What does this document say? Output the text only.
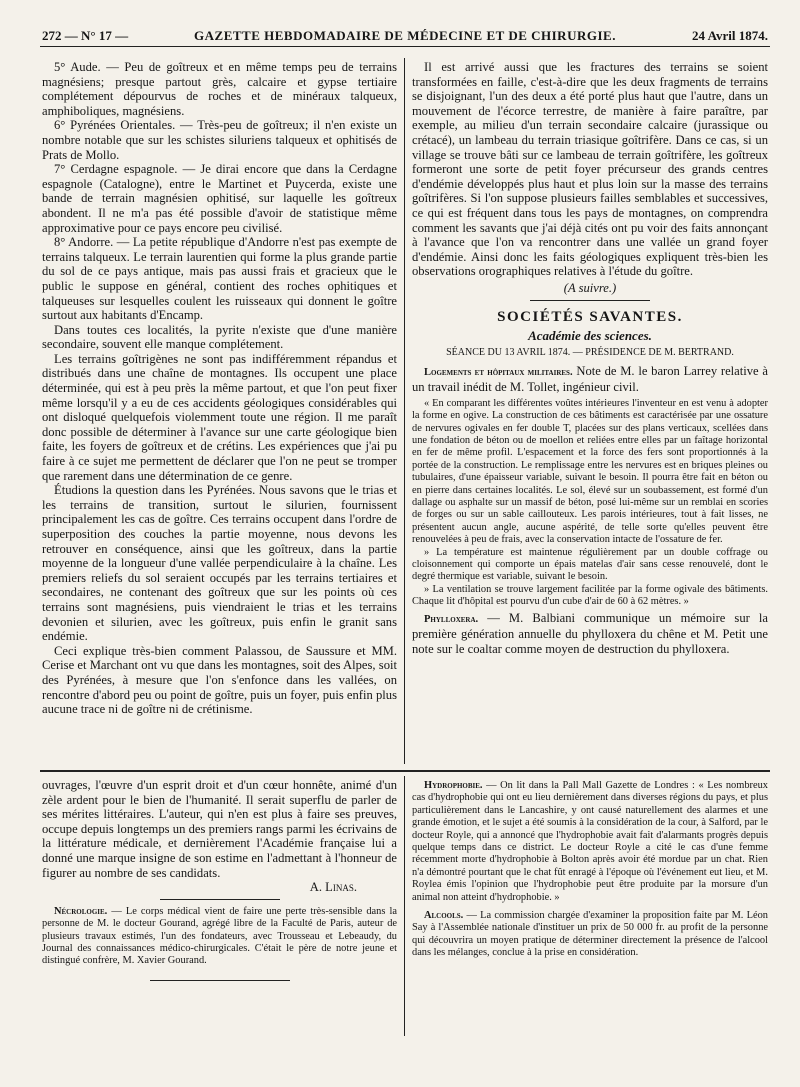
272 — N° 17 —	GAZETTE HEBDOMADAIRE DE MÉDECINE ET DE CHIRURGIE.	24 Avril 1874.

5° Aude. — Peu de goîtreux et en même temps peu de terrains magnésiens; presque partout grès, calcaire et gypse tertiaire complétement dépourvus de roches et de minéraux talqueux, amphiboliques, magnésiens.

6° Pyrénées Orientales. — Très-peu de goîtreux; il n'en existe un nombre notable que sur les schistes siluriens talqueux et ophitisés de Prats de Mollo.

7° Cerdagne espagnole. — Je dirai encore que dans la Cerdagne espagnole (Catalogne), entre le Martinet et Puycerda, existe une bande de terrain magnésien ophitisé, sur laquelle les goîtreux abondent. Il ne m'a pas été possible d'avoir de statistique même approximative pour ce pays encore peu civilisé.

8° Andorre. — La petite république d'Andorre n'est pas exempte de terrains talqueux. Le terrain laurentien qui forme la plus grande partie du sol de ce pays antique, mais pas aussi frais et gracieux que le public le suppose en général, contient des roches ophitiques et talqueuses sur lesquelles coulent les ruisseaux qui donnent le goître surtout aux habitants d'Encamp.

Dans toutes ces localités, la pyrite n'existe que d'une manière secondaire, souvent elle manque complétement.

Les terrains goîtrigènes ne sont pas indifféremment répandus et distribués dans une chaîne de montagnes. Ils occupent une place déterminée, qui est à peu près la même partout, et que l'on peut fixer même lorsqu'il y a eu de ces accidents géologiques considérables qui ont disloqué quelquefois violemment toute une région. Il me paraît donc possible de déterminer à l'avance sur une carte géologique bien faite, les foyers de goîtreux et de crétins. Les expériences que j'ai pu faire à ce sujet me permettent de déclarer que l'on ne peut se tromper que rarement dans une détermination de ce genre.

Étudions la question dans les Pyrénées. Nous savons que le trias et les terrains de transition, surtout le silurien, fournissent principalement les cas de goître. Ces terrains occupent dans l'ordre de superposition des couches la partie moyenne, nous devons les retrouver en conséquence, ainsi que les goîtreux, dans la partie moyenne de la longueur d'une vallée perpendiculaire à la chaîne. Les premiers reliefs du sol seraient occupés par les terrains tertiaires et secondaires, ne contenant des goîtreux que sur les points où ces terrains sont magnésiens, puis viendraient le trias et les terrains devonien et silurien, avec les goîtreux, puis enfin le granit sans endémie.

Ceci explique très-bien comment Palassou, de Saussure et MM. Cerise et Marchant ont vu que dans les montagnes, soit des Alpes, soit des Pyrénées, à mesure que l'on s'enfonce dans les vallées, on rencontre d'abord peu ou point de goître, puis un foyer, puis enfin plus aucune trace ni de goître ni de crétinisme.

Il est arrivé aussi que les fractures des terrains se soient transformées en faille, c'est-à-dire que les deux fragments de terrains se disjoignant, l'un des deux a été porté plus haut que l'autre, dans un mouvement de l'écorce terrestre, de manière à faire paraître, par exemple, au milieu d'un terrain secondaire calcaire (jurassique ou crétacé), un lambeau du terrain triasique goîtrifère. Dans ce cas, si un village se trouve bâti sur ce lambeau de terrain goîtrifère, les goîtreux formeront une sorte de petit foyer précurseur des grands centres d'endémie développés plus haut et plus loin sur la masse des terrains goîtrifères. Si l'on suppose plusieurs failles semblables et successives, ce qui est fréquent dans tous les pays de montagnes, on comprendra comment les savants que j'ai déjà cités ont pu voir des faits annonçant à l'avance que l'on va rencontrer dans une vallée un grand foyer d'endémie. Ainsi donc les faits géologiques expliquent très-bien les observations orographiques relatives à l'étude du goître.

(A suivre.)

SOCIÉTÉS SAVANTES.

Académie des sciences.

SÉANCE DU 13 AVRIL 1874. — PRÉSIDENCE DE M. BERTRAND.

Logements et hôpitaux militaires. Note de M. le baron Larrey relative à un travail inédit de M. Tollet, ingénieur civil.

« En comparant les différentes voûtes intérieures l'inventeur en est venu à adopter la forme en ogive. La construction de ces bâtiments est caractérisée par une ossature de nervures ogivales en fer double T, placées sur des plans verticaux, scellées dans une fondation de béton ou de moellon et reliées entre elles par un faîtage horizontal en fer de même profil. L'espacement et la force des fers sont proportionnés à la portée de la construction. Le remplissage entre les nervures est en briques pleines ou tubulaires, d'une épaisseur variable, suivant le besoin. Il pourra être fait en béton ou en pierre dans certaines localités. Le sol, élevé sur un soubassement, est formé d'un dallage ou asphalte sur un massif de béton, posé lui-même sur un remblai en scories de forges ou sur un sable caillouteux. Les parois intérieures, tout à fait lisses, ne présentent aucun angle, aucune aspérité, de telle sorte qu'elles peuvent être renouvelées à peu de frais, avec la conservation intacte de l'ossature de fer.

» La température est maintenue régulièrement par un double coffrage ou cloisonnement qui comporte un épais matelas d'air sans cesse renouvelé, dont le degré thermique est variable, suivant le besoin.

» La ventilation se trouve largement facilitée par la forme ogivale des bâtiments. Chaque lit d'hôpital est pourvu d'un cube d'air de 60 à 62 mètres. »

Phylloxera. — M. Balbiani communique un mémoire sur la première génération annuelle du phylloxera du chêne et M. Petit une note sur le coaltar comme moyen de destruction du phylloxera.

ouvrages, l'œuvre d'un esprit droit et d'un cœur honnête, animé d'un zèle ardent pour le bien de l'humanité. Il serait superflu de parler de ses mérites littéraires. L'auteur, qui n'en est plus à faire ses preuves, occupe depuis longtemps un des premiers rangs parmi les écrivains de la littérature médicale, et dernièrement l'Académie française lui a donné une marque insigne de son estime en l'admettant à l'honneur de figurer au nombre de ses candidats.

A. Linas.

Nécrologie. — Le corps médical vient de faire une perte très-sensible dans la personne de M. le docteur Gourand, agrégé libre de la Faculté de Paris, auteur de plusieurs travaux estimés, l'un des fondateurs, avec Trousseau et Lebeaudy, du Journal des connaissances médico-chirurgicales. C'était le père de notre jeune et distingué confrère, M. Xavier Gourand.

Hydrophobie. — On lit dans la Pall Mall Gazette de Londres : « Les nombreux cas d'hydrophobie qui ont eu lieu dernièrement dans diverses régions du pays, et plus particulièrement dans le Lancashire, y ont causé naturellement des alarmes et une grande émotion, et le sujet a été soumis à la considération de la cour, à Salford, par le docteur Royle, qui a annoncé que l'hydrophobie avait fait d'alarmants progrès depuis quelque temps dans ce district. Le docteur Royle a cité le cas d'une femme récemment morte d'hydrophobie à Bolton après avoir été mordue par un chat. Rien n'a démontré pourtant que le chat fût enragé à l'époque où l'événement eut lieu, et M. Roylea émis l'opinion que l'hydrophobie peut être produite par la morsure d'un animal non atteint d'hydrophobie. »

Alcools. — La commission chargée d'examiner la proposition faite par M. Léon Say à l'Assemblée nationale d'instituer un prix de 50 000 fr. au profit de la personne qui découvrira un moyen pratique de déterminer directement la présence de l'alcool dans les mélanges, conclue à la prise en considération.
